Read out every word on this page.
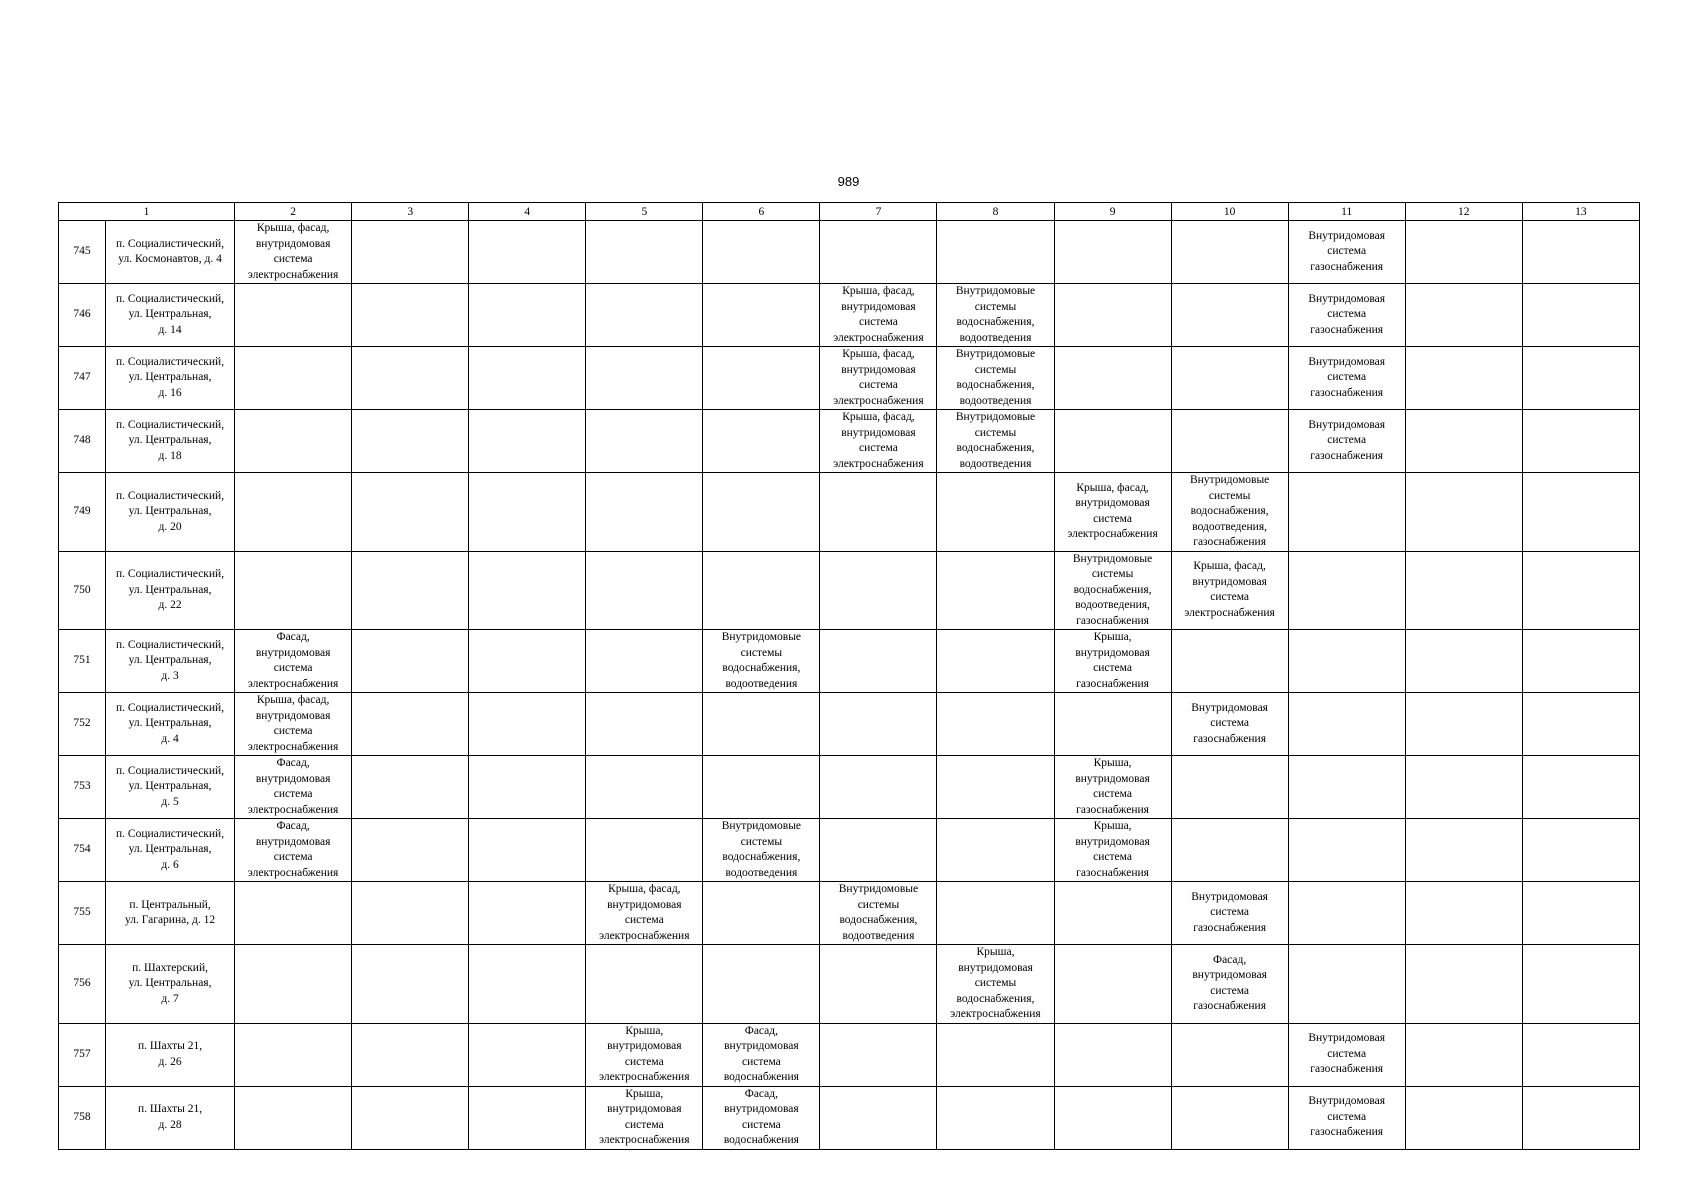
989
1		2	3	4	5	6	7	8	9	10	11	12	13
745	п. Социалистический,
ул. Космонавтов, д. 4	Крыша, фасад,
внутридомовая
система
электроснабжения									Внутридомовая
система
газоснабжения		
746	п. Социалистический,
ул. Центральная,
д. 14						Крыша, фасад,
внутридомовая
система
электроснабжения	Внутридомовые
системы
водоснабжения,
водоотведения			Внутридомовая
система
газоснабжения		
747	п. Социалистический,
ул. Центральная,
д. 16						Крыша, фасад,
внутридомовая
система
электроснабжения	Внутридомовые
системы
водоснабжения,
водоотведения			Внутридомовая
система
газоснабжения		
748	п. Социалистический,
ул. Центральная,
д. 18						Крыша, фасад,
внутридомовая
система
электроснабжения	Внутридомовые
системы
водоснабжения,
водоотведения			Внутридомовая
система
газоснабжения		
749	п. Социалистический,
ул. Центральная,
д. 20								Крыша, фасад,
внутридомовая
система
электроснабжения	Внутридомовые
системы
водоснабжения,
водоотведения,
газоснабжения			
750	п. Социалистический,
ул. Центральная,
д. 22								Внутридомовые
системы
водоснабжения,
водоотведения,
газоснабжения	Крыша, фасад,
внутридомовая
система
электроснабжения			
751	п. Социалистический,
ул. Центральная,
д. 3	Фасад,
внутридомовая
система
электроснабжения				Внутридомовые
системы
водоснабжения,
водоотведения			Крыша,
внутридомовая
система
газоснабжения				
752	п. Социалистический,
ул. Центральная,
д. 4	Крыша, фасад,
внутридомовая
система
электроснабжения								Внутридомовая
система
газоснабжения			
753	п. Социалистический,
ул. Центральная,
д. 5	Фасад,
внутридомовая
система
электроснабжения							Крыша,
внутридомовая
система
газоснабжения				
754	п. Социалистический,
ул. Центральная,
д. 6	Фасад,
внутридомовая
система
электроснабжения				Внутридомовые
системы
водоснабжения,
водоотведения			Крыша,
внутридомовая
система
газоснабжения				
755	п. Центральный,
ул. Гагарина, д. 12				Крыша, фасад,
внутридомовая
система
электроснабжения		Внутридомовые
системы
водоснабжения,
водоотведения			Внутридомовая
система
газоснабжения			
756	п. Шахтерский,
ул. Центральная,
д. 7							Крыша,
внутридомовая
системы
водоснабжения,
электроснабжения		Фасад,
внутридомовая
система
газоснабжения			
757	п. Шахты 21,
д. 26				Крыша,
внутридомовая
система
электроснабжения	Фасад,
внутридомовая
система
водоснабжения					Внутридомовая
система
газоснабжения		
758	п. Шахты 21,
д. 28				Крыша,
внутридомовая
система
электроснабжения	Фасад,
внутридомовая
система
водоснабжения					Внутридомовая
система
газоснабжения		
